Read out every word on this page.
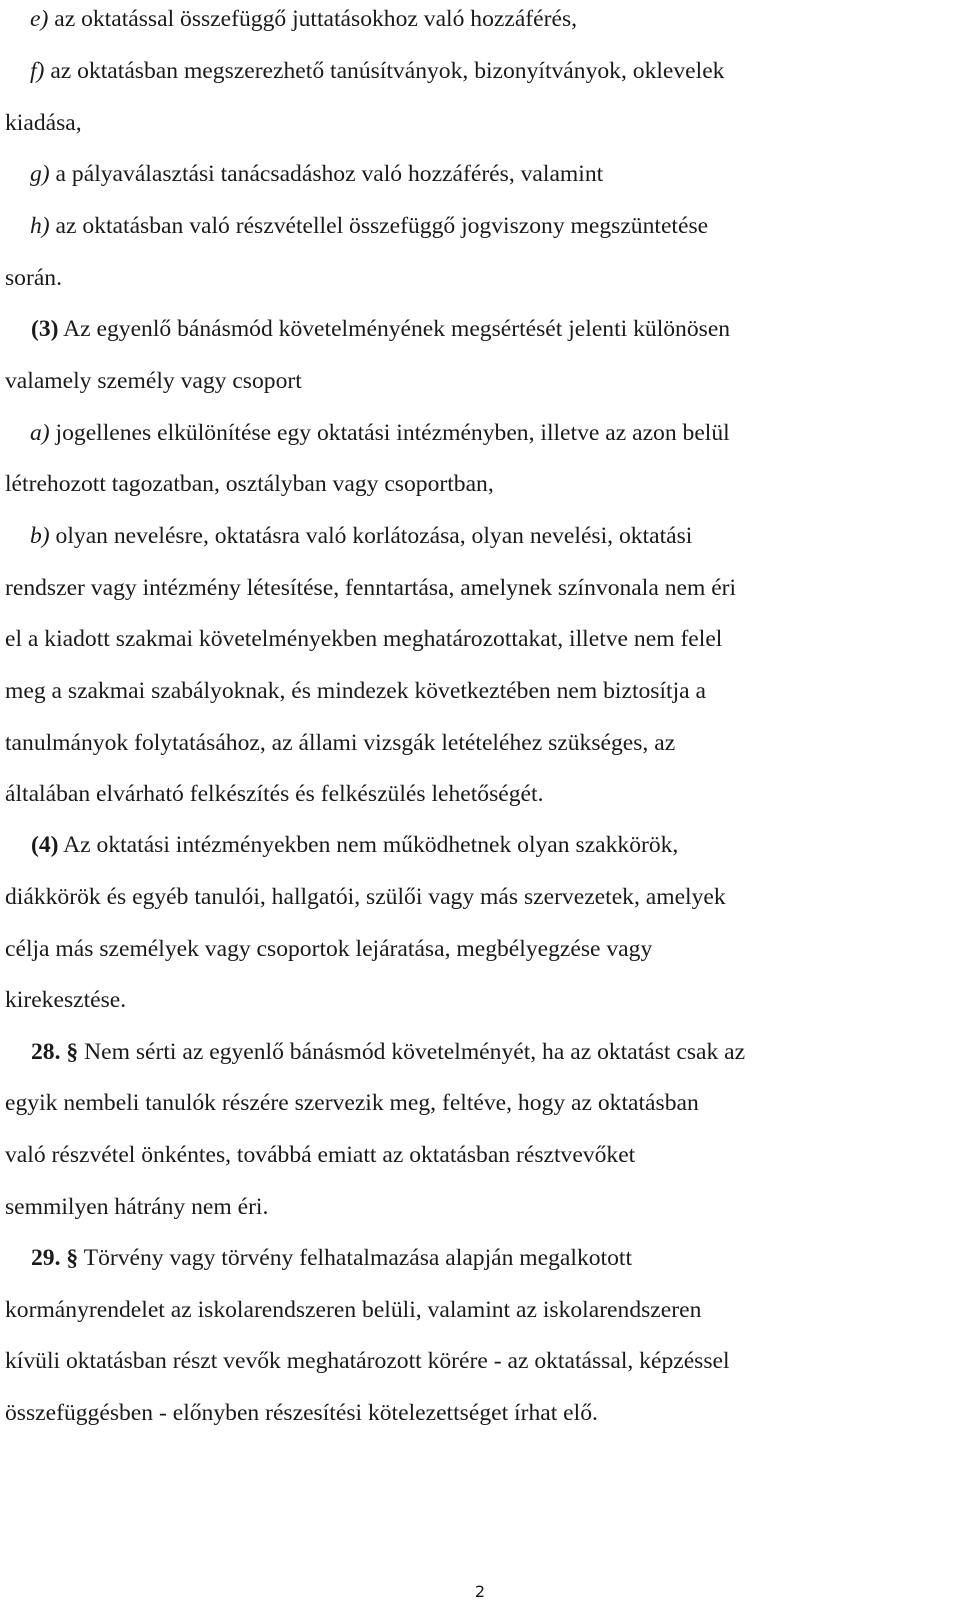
e) az oktatással összefüggő juttatásokhoz való hozzáférés,
f) az oktatásban megszerezhető tanúsítványok, bizonyítványok, oklevelek
kiadása,
g) a pályaválasztási tanácsadáshoz való hozzáférés, valamint
h) az oktatásban való részvétellel összefüggő jogviszony megszüntetése
során.
(3) Az egyenlő bánásmód követelményének megsértését jelenti különösen
valamely személy vagy csoport
a) jogellenes elkülönítése egy oktatási intézményben, illetve az azon belül
létrehozott tagozatban, osztályban vagy csoportban,
b) olyan nevelésre, oktatásra való korlátozása, olyan nevelési, oktatási
rendszer vagy intézmény létesítése, fenntartása, amelynek színvonala nem éri
el a kiadott szakmai követelményekben meghatározottakat, illetve nem felel
meg a szakmai szabályoknak, és mindezek következtében nem biztosítja a
tanulmányok folytatásához, az állami vizsgák letételéhez szükséges, az
általában elvárható felkészítés és felkészülés lehetőségét.
(4) Az oktatási intézményekben nem működhetnek olyan szakkörök,
diákkörök és egyéb tanulói, hallgatói, szülői vagy más szervezetek, amelyek
célja más személyek vagy csoportok lejáratása, megbélyegzése vagy
kirekesztése.
28. § Nem sérti az egyenlő bánásmód követelményét, ha az oktatást csak az
egyik nembeli tanulók részére szervezik meg, feltéve, hogy az oktatásban
való részvétel önkéntes, továbbá emiatt az oktatásban résztvevőket
semmilyen hátrány nem éri.
29. § Törvény vagy törvény felhatalmazása alapján megalkotott
kormányrendelet az iskolarendszeren belüli, valamint az iskolarendszeren
kívüli oktatásban részt vevők meghatározott körére - az oktatással, képzéssel
összefüggésben - előnyben részesítési kötelezettséget írhat elő.
2
